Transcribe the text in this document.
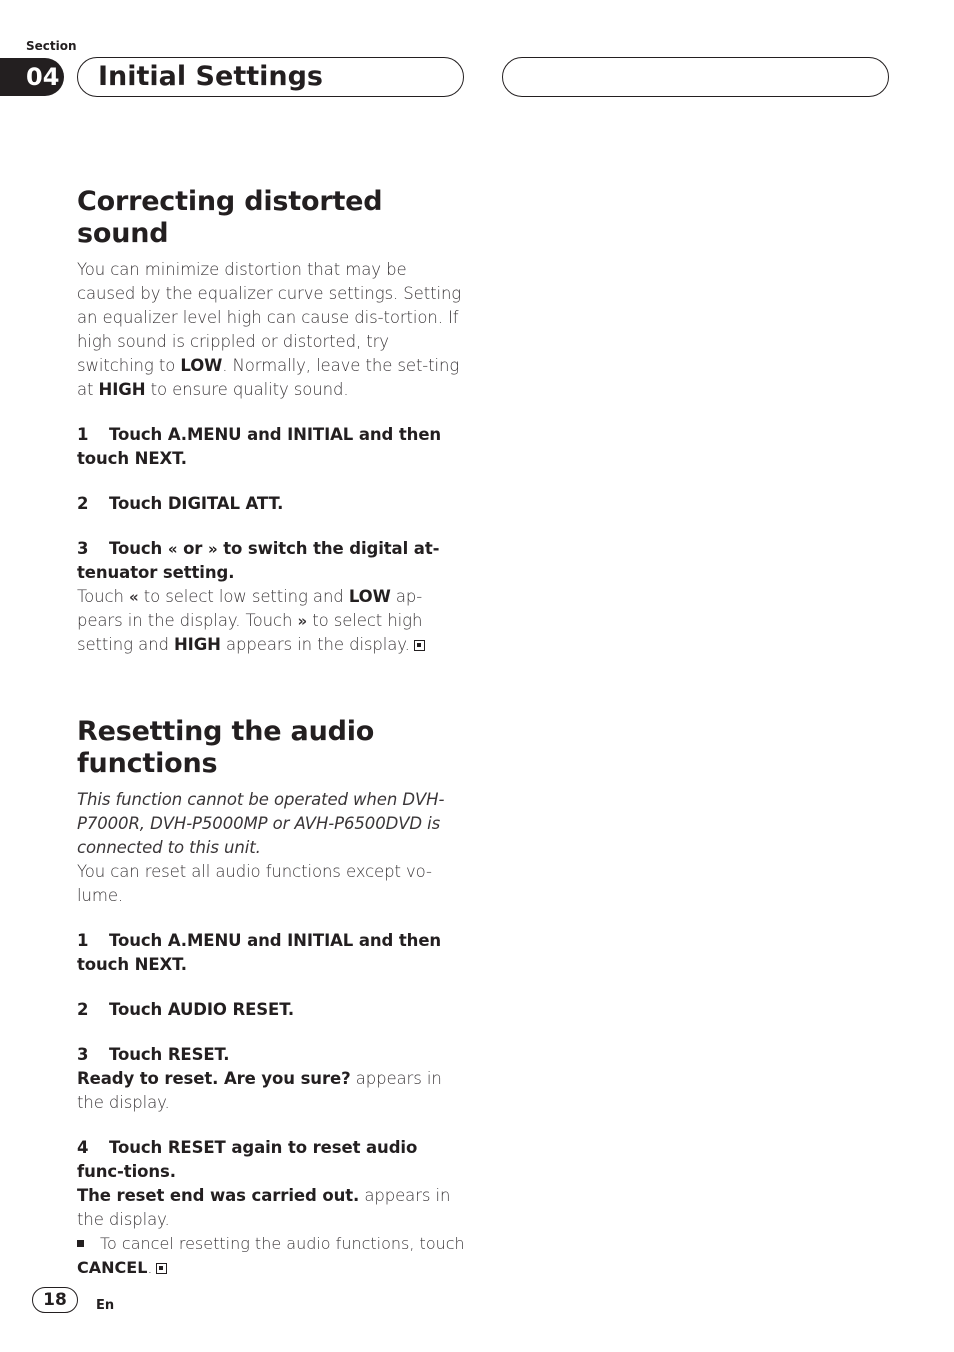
Section
04	Initial Settings
Correcting distorted sound

You can minimize distortion that may be caused by the equalizer curve settings. Setting an equalizer level high can cause dis-tortion. If high sound is crippled or distorted, try switching to LOW. Normally, leave the set-ting at HIGH to ensure quality sound.

1 Touch A.MENU and INITIAL and then touch NEXT.

2 Touch DIGITAL ATT.

3 Touch « or » to switch the digital at-tenuator setting.

Touch « to select low setting and LOW ap-pears in the display. Touch » to select high setting and HIGH appears in the display.

Resetting the audio functions

This function cannot be operated when DVH-P7000R, DVH-P5000MP or AVH-P6500DVD is connected to this unit.

You can reset all audio functions except vo-lume.

1 Touch A.MENU and INITIAL and then touch NEXT.

2 Touch AUDIO RESET.

3 Touch RESET.

Ready to reset. Are you sure? appears in the display.

4 Touch RESET again to reset audio func-tions.

The reset end was carried out. appears in the display.

To cancel resetting the audio functions, touch CANCEL.

18	En
